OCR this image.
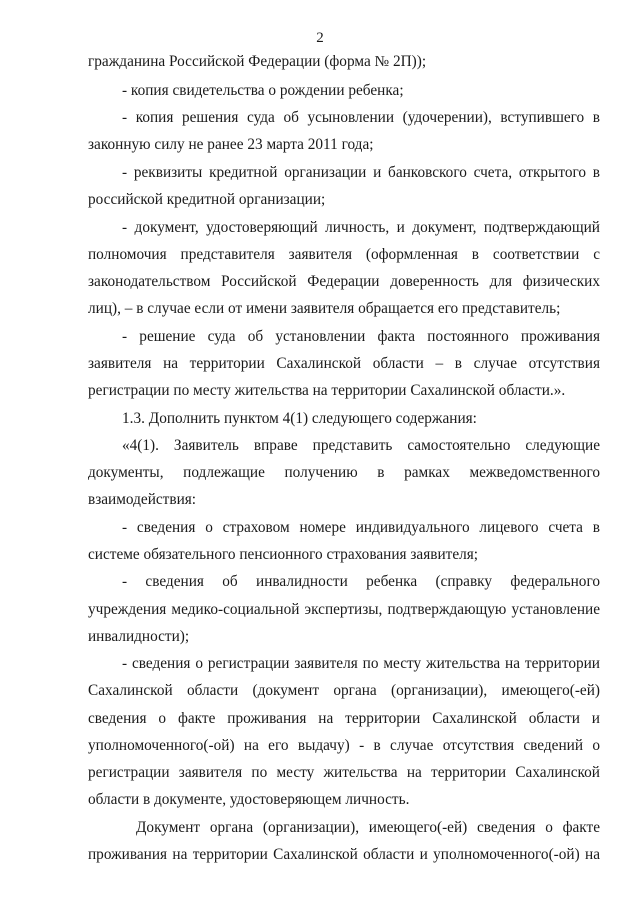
2
гражданина Российской Федерации (форма № 2П));
- копия свидетельства о рождении ребенка;
- копия решения суда об усыновлении (удочерении), вступившего в
законную силу не ранее 23 марта 2011 года;
- реквизиты кредитной организации и банковского счета, открытого в
российской кредитной организации;
- документ, удостоверяющий личность, и документ, подтверждающий
полномочия представителя заявителя (оформленная в соответствии с
законодательством Российской Федерации доверенность для физических
лиц), – в случае если от имени заявителя обращается его представитель;
- решение суда об установлении факта постоянного проживания
заявителя на территории Сахалинской области – в случае отсутствия
регистрации по месту жительства на территории Сахалинской области.».
1.3. Дополнить пунктом 4(1) следующего содержания:
«4(1). Заявитель вправе представить самостоятельно следующие
документы, подлежащие получению в рамках межведомственного
взаимодействия:
- сведения о страховом номере индивидуального лицевого счета в
системе обязательного пенсионного страхования заявителя;
- сведения об инвалидности ребенка (справку федерального
учреждения медико-социальной экспертизы, подтверждающую установление
инвалидности);
- сведения о регистрации заявителя по месту жительства на территории
Сахалинской области (документ органа (организации), имеющего(-ей)
сведения о факте проживания на территории Сахалинской области и
уполномоченного(-ой) на его выдачу) - в случае отсутствия сведений о
регистрации заявителя по месту жительства на территории Сахалинской
области в документе, удостоверяющем личность.
Документ органа (организации), имеющего(-ей) сведения о факте
проживания на территории Сахалинской области и уполномоченного(-ой) на
